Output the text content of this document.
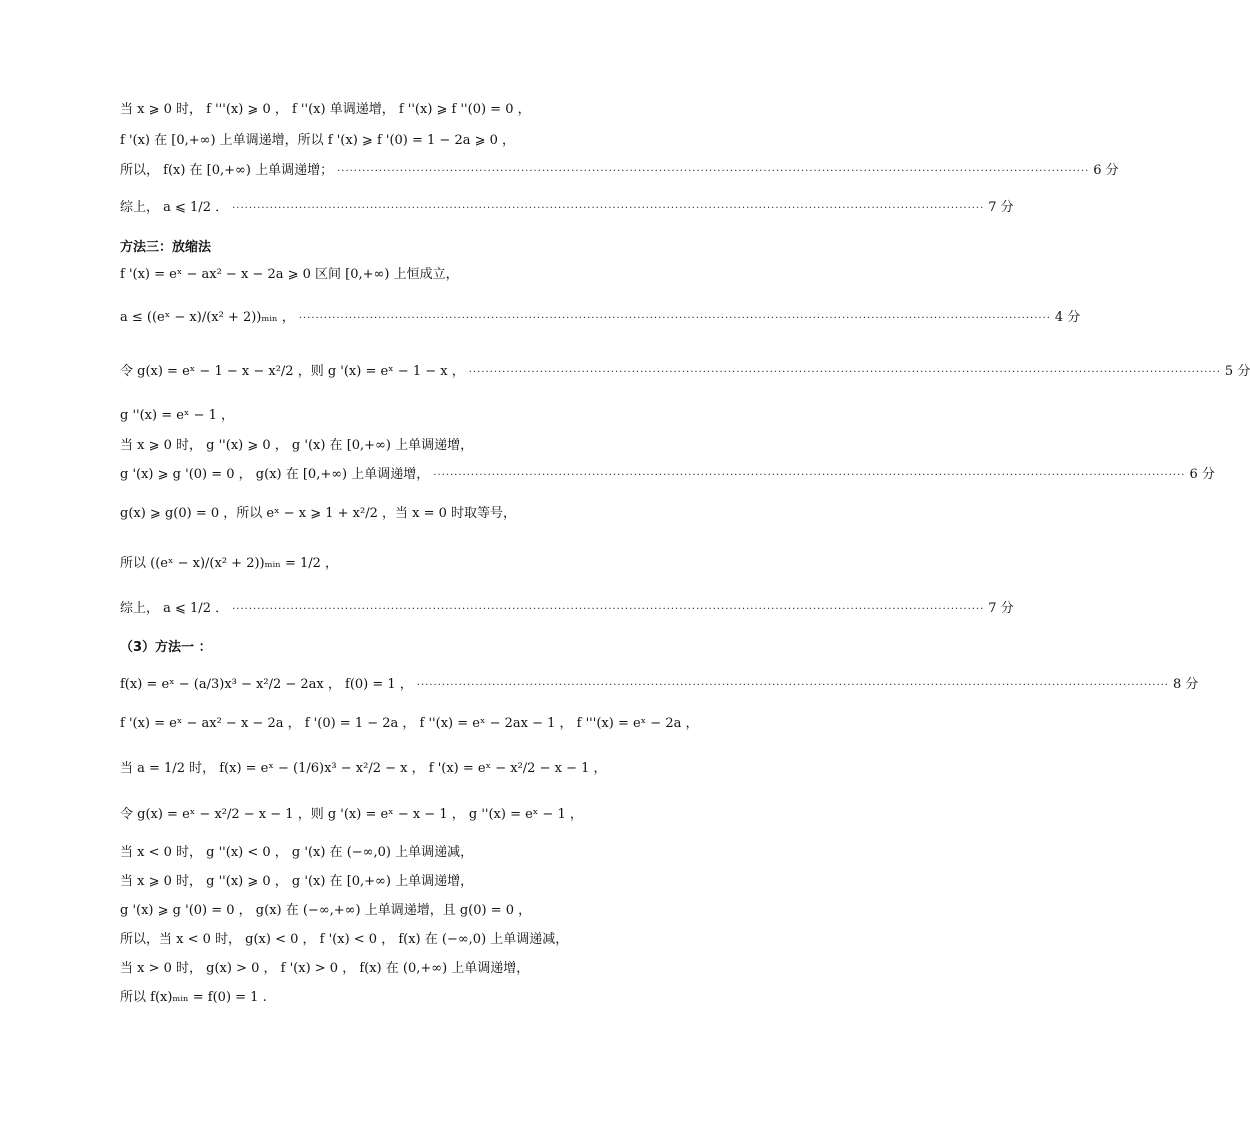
当 x ⩾ 0 时， f '''(x) ⩾ 0 ， f ''(x) 单调递增， f ''(x) ⩾ f ''(0) = 0 ，
f '(x) 在 [0,+∞) 上单调递增，所以 f '(x) ⩾ f '(0) = 1 − 2a ⩾ 0 ，
所以， f(x) 在 [0,+∞) 上单调递增； .................................................................................................................................................................................... 6 分
综上， a ⩽ 1/2 ． .................................................................................................................................................................................... 7 分
方法三：放缩法
f '(x) = eˣ − ax² − x − 2a ⩾ 0 区间 [0,+∞) 上恒成立，
a ≤ ((eˣ − x)/(x² + 2))ₘᵢₙ ， .................................................................................................................................................................................... 4 分
令 g(x) = eˣ − 1 − x − x²/2 ，则 g '(x) = eˣ − 1 − x ， .................................................................................................................................................................................... 5 分
g ''(x) = eˣ − 1 ，
当 x ⩾ 0 时， g ''(x) ⩾ 0 ， g '(x) 在 [0,+∞) 上单调递增，
g '(x) ⩾ g '(0) = 0 ， g(x) 在 [0,+∞) 上单调递增， .................................................................................................................................................................................... 6 分
g(x) ⩾ g(0) = 0 ，所以 eˣ − x ⩾ 1 + x²/2 ，当 x = 0 时取等号，
所以 ((eˣ − x)/(x² + 2))ₘᵢₙ = 1/2 ，
综上， a ⩽ 1/2 ． .................................................................................................................................................................................... 7 分
（3）方法一 ：
f(x) = eˣ − (a/3)x³ − x²/2 − 2ax ， f(0) = 1 ， .................................................................................................................................................................................... 8 分
f '(x) = eˣ − ax² − x − 2a ， f '(0) = 1 − 2a ， f ''(x) = eˣ − 2ax − 1 ， f '''(x) = eˣ − 2a ，
当 a = 1/2 时， f(x) = eˣ − (1/6)x³ − x²/2 − x ， f '(x) = eˣ − x²/2 − x − 1 ，
令 g(x) = eˣ − x²/2 − x − 1 ，则 g '(x) = eˣ − x − 1 ， g ''(x) = eˣ − 1 ，
当 x < 0 时， g ''(x) < 0 ， g '(x) 在 (−∞,0) 上单调递减，
当 x ⩾ 0 时， g ''(x) ⩾ 0 ， g '(x) 在 [0,+∞) 上单调递增，
g '(x) ⩾ g '(0) = 0 ， g(x) 在 (−∞,+∞) 上单调递增，且 g(0) = 0 ，
所以，当 x < 0 时， g(x) < 0 ， f '(x) < 0 ， f(x) 在 (−∞,0) 上单调递减，
当 x > 0 时， g(x) > 0 ， f '(x) > 0 ， f(x) 在 (0,+∞) 上单调递增，
所以 f(x)ₘᵢₙ = f(0) = 1 .
